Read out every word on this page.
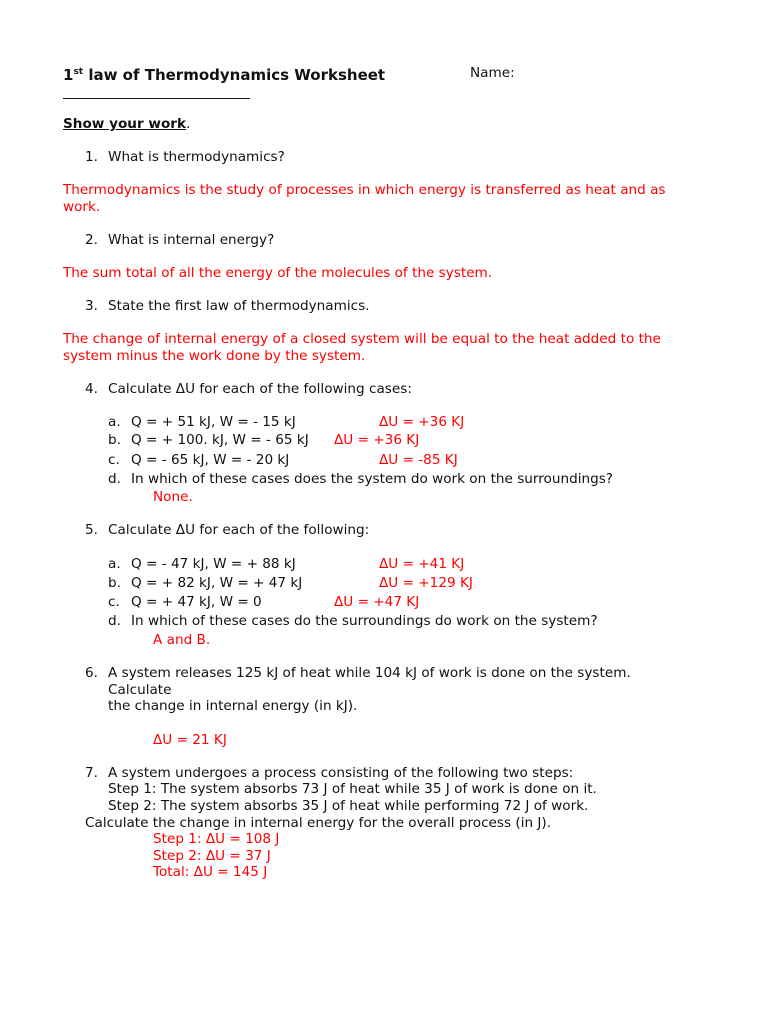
1st law of Thermodynamics Worksheet	Name:
Show your work.
1. What is thermodynamics?
Thermodynamics is the study of processes in which energy is transferred as heat and as
work.
2. What is internal energy?
The sum total of all the energy of the molecules of the system.
3. State the first law of thermodynamics.
The change of internal energy of a closed system will be equal to the heat added to the
system minus the work done by the system.
4. Calculate ΔU for each of the following cases:
a. Q = + 51 kJ, W = - 15 kJ	ΔU = +36 KJ
b. Q = + 100. kJ, W = - 65 kJ ΔU = +36 KJ
c. Q = - 65 kJ, W = - 20 kJ	ΔU = -85 KJ
d. In which of these cases does the system do work on the surroundings?
None.
5. Calculate ΔU for each of the following:
a. Q = - 47 kJ, W = + 88 kJ	ΔU = +41 KJ
b. Q = + 82 kJ, W = + 47 kJ	ΔU = +129 KJ
c. Q = + 47 kJ, W = 0	ΔU = +47 KJ
d. In which of these cases do the surroundings do work on the system?
A and B.
6. A system releases 125 kJ of heat while 104 kJ of work is done on the system.
Calculate
the change in internal energy (in kJ).
ΔU = 21 KJ
7. A system undergoes a process consisting of the following two steps:
Step 1: The system absorbs 73 J of heat while 35 J of work is done on it.
Step 2: The system absorbs 35 J of heat while performing 72 J of work.
Calculate the change in internal energy for the overall process (in J).
Step 1: ΔU = 108 J
Step 2: ΔU = 37 J
Total: ΔU = 145 J
